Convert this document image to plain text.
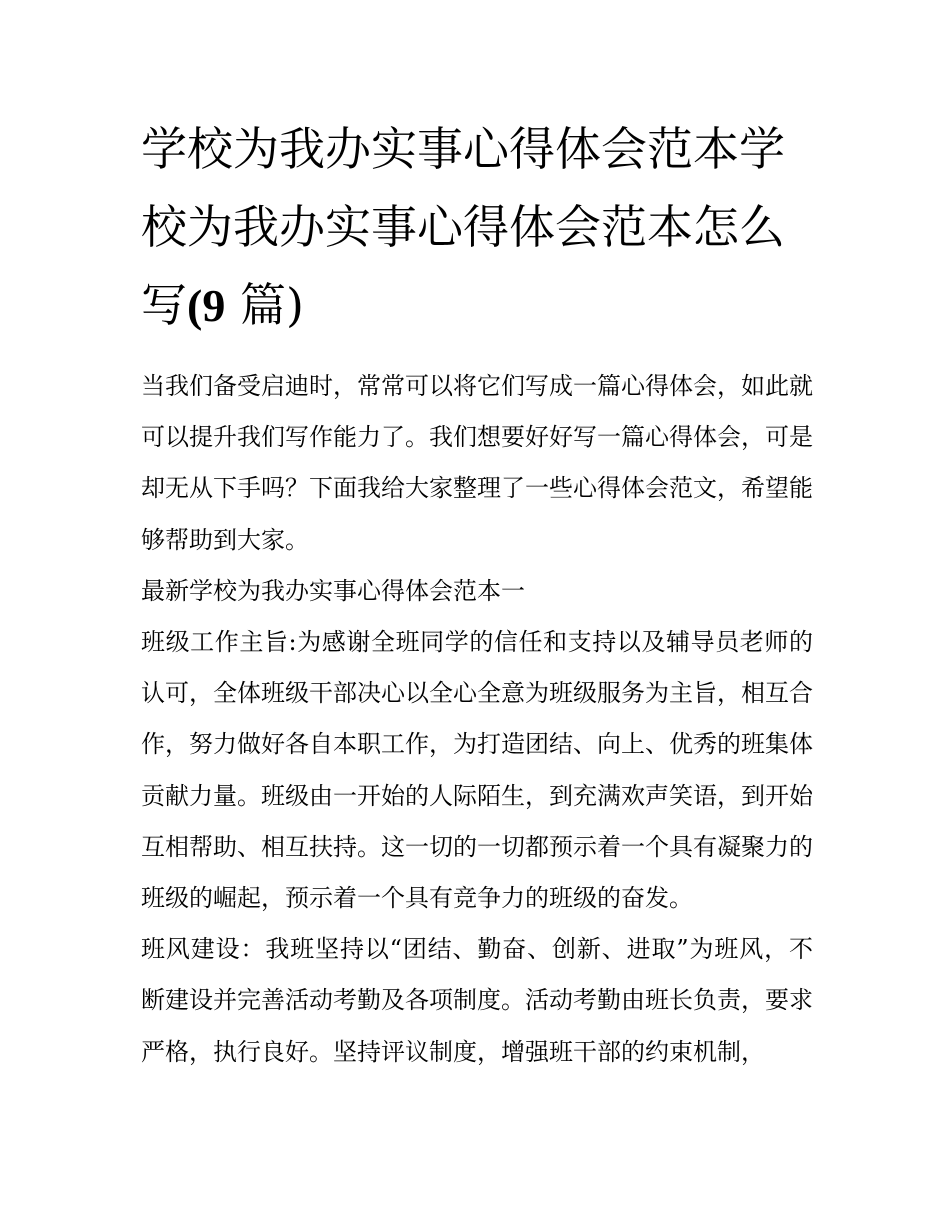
学校为我办实事心得体会范本学校为我办实事心得体会范本怎么写(9 篇)

当我们备受启迪时，常常可以将它们写成一篇心得体会，如此就可以提升我们写作能力了。我们想要好好写一篇心得体会，可是却无从下手吗？下面我给大家整理了一些心得体会范文，希望能够帮助到大家。

最新学校为我办实事心得体会范本一

班级工作主旨:为感谢全班同学的信任和支持以及辅导员老师的认可，全体班级干部决心以全心全意为班级服务为主旨，相互合作，努力做好各自本职工作，为打造团结、向上、优秀的班集体贡献力量。班级由一开始的人际陌生，到充满欢声笑语，到开始互相帮助、相互扶持。这一切的一切都预示着一个具有凝聚力的班级的崛起，预示着一个具有竞争力的班级的奋发。

班风建设：我班坚持以“团结、勤奋、创新、进取”为班风，不断建设并完善活动考勤及各项制度。活动考勤由班长负责，要求严格，执行良好。坚持评议制度，增强班干部的约束机制，
